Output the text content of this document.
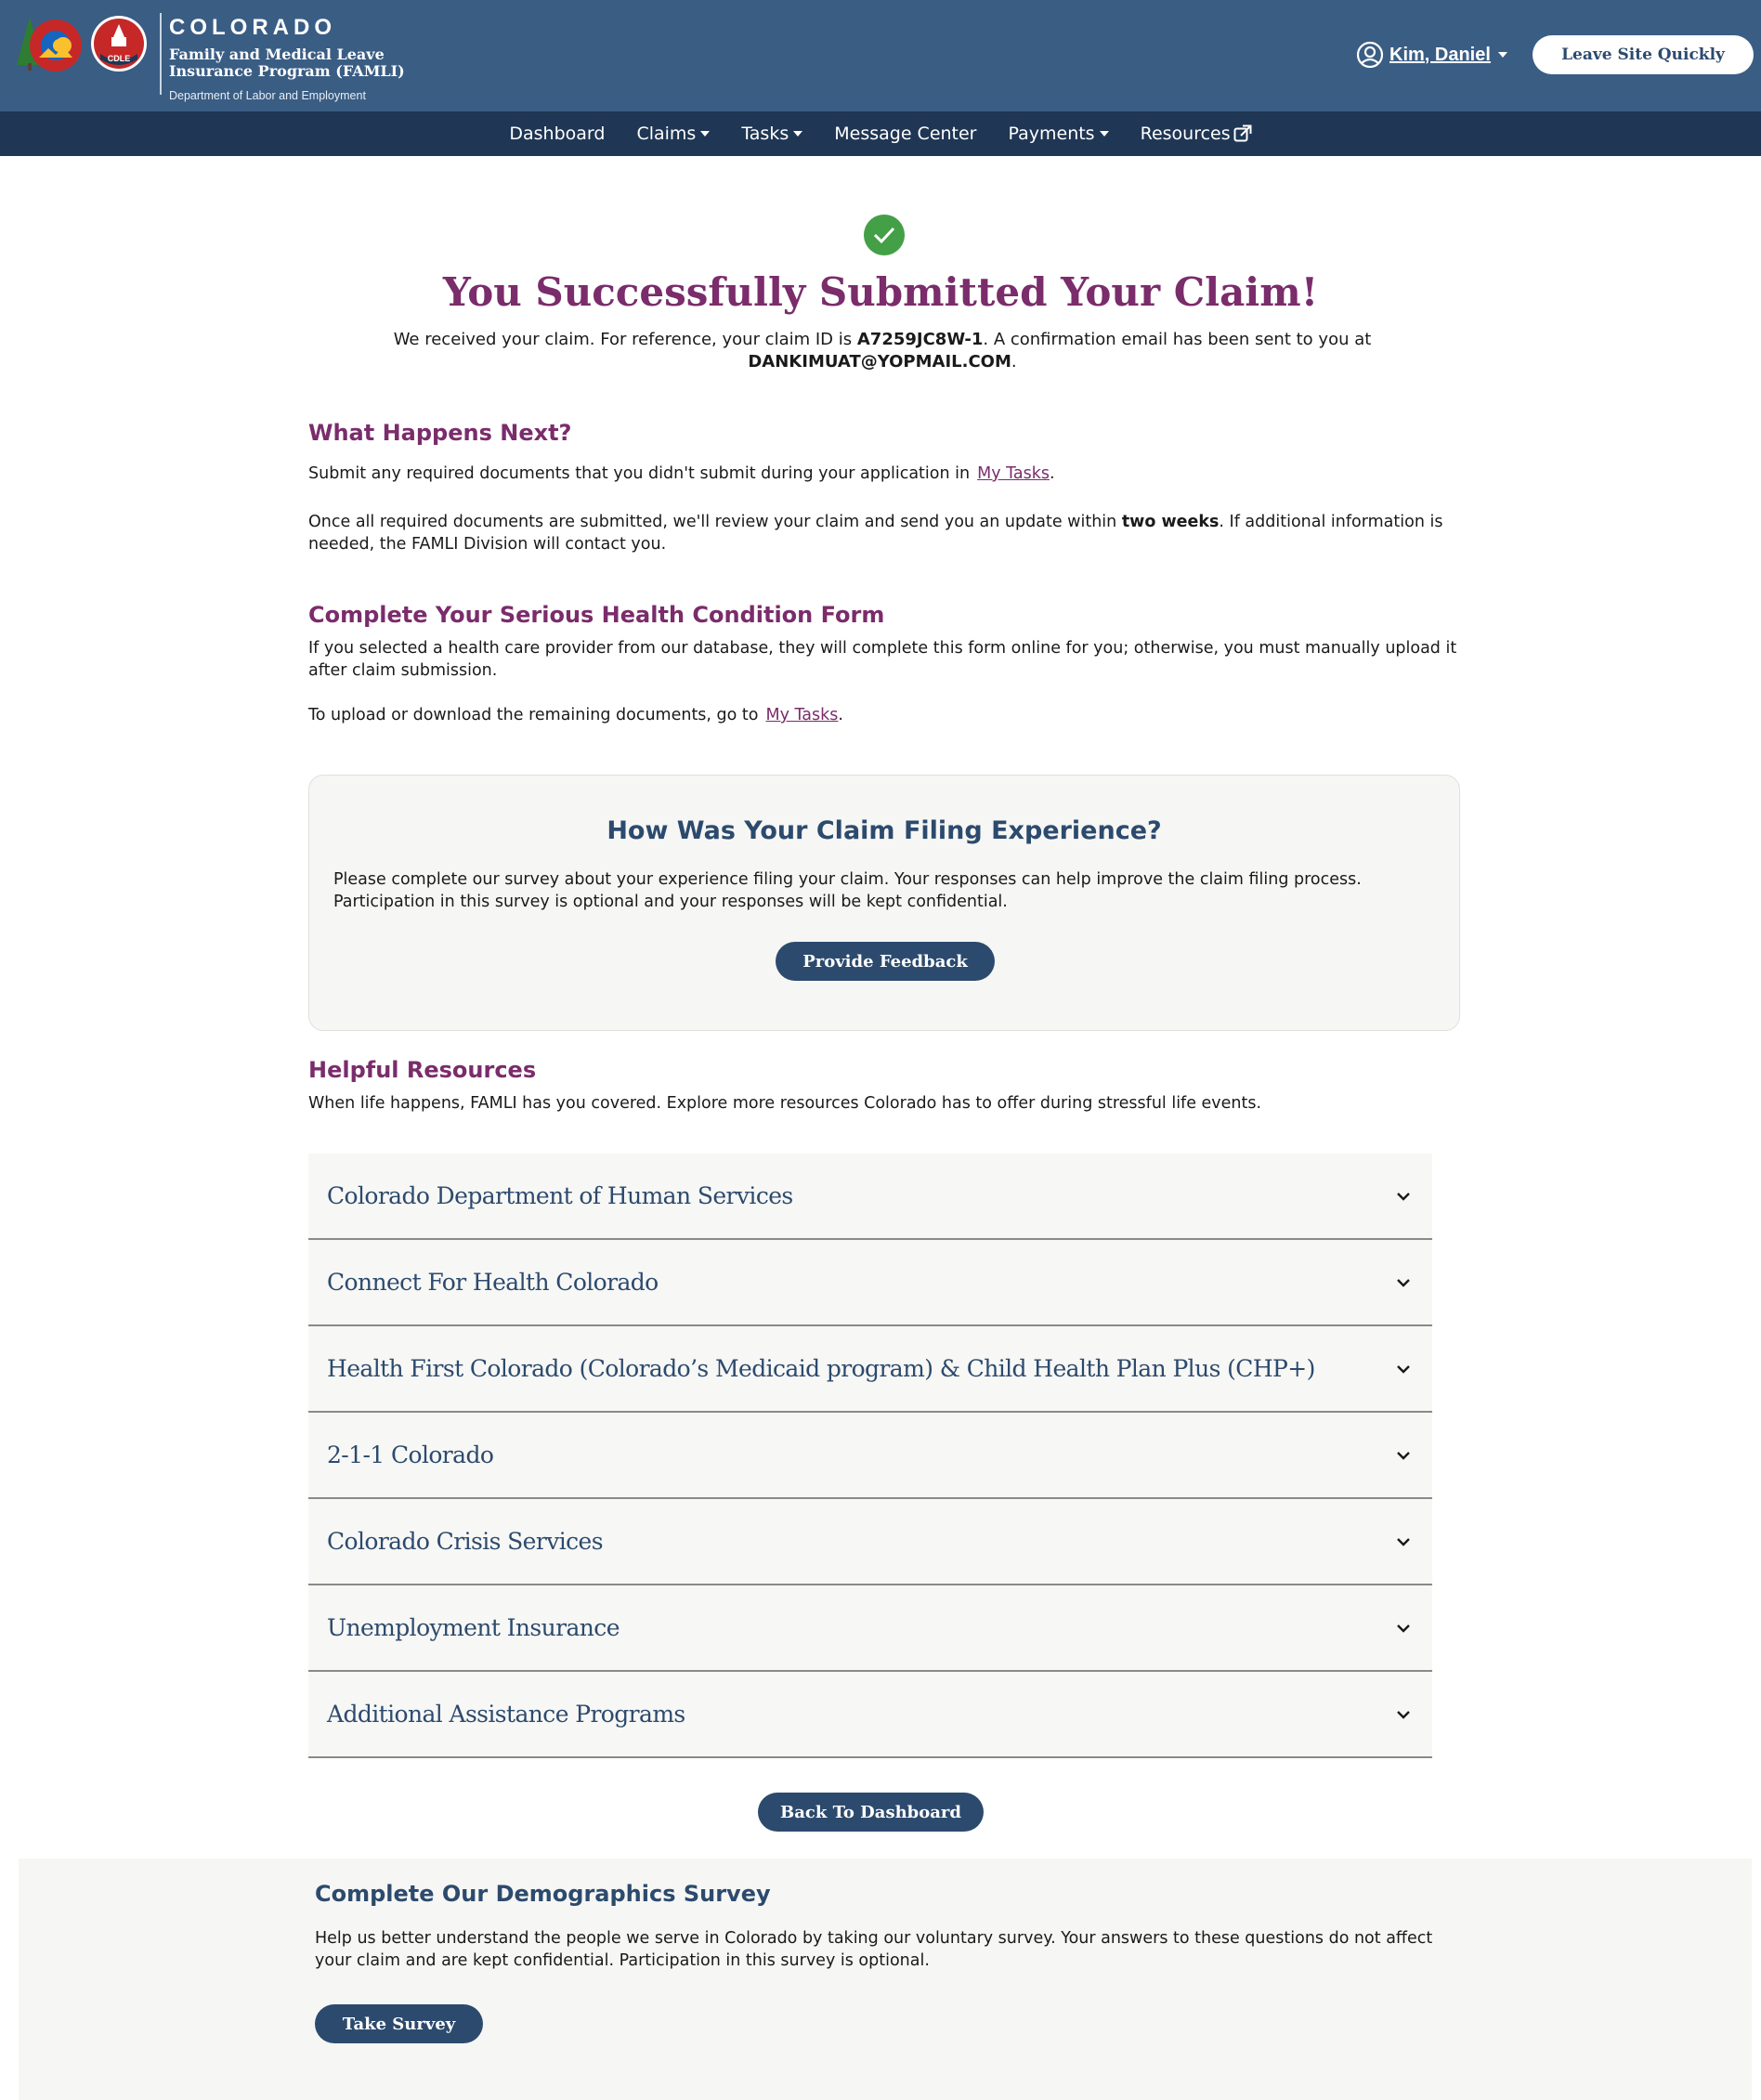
CDLE
COLORADO
Family and Medical Leave
Insurance Program (FAMLI)
Department of Labor and Employment
Kim, Daniel	Leave Site Quickly
Dashboard Claims	Tasks	Message Center Payments	Resources
You Successfully Submitted Your Claim!
We received your claim. For reference, your claim ID is A7259JC8W-1. A confirmation email has been sent to you at
DANKIMUAT@YOPMAIL.COM.
What Happens Next?
Submit any required documents that you didn't submit during your application in My Tasks.
Once all required documents are submitted, we'll review your claim and send you an update within two weeks. If additional information is needed, the FAMLI Division will contact you.
Complete Your Serious Health Condition Form
If you selected a health care provider from our database, they will complete this form online for you; otherwise, you must manually upload it after claim submission.
To upload or download the remaining documents, go to My Tasks.
How Was Your Claim Filing Experience?
Please complete our survey about your experience filing your claim. Your responses can help improve the claim filing process. Participation in this survey is optional and your responses will be kept confidential.
Provide Feedback
Helpful Resources
When life happens, FAMLI has you covered. Explore more resources Colorado has to offer during stressful life events.
Colorado Department of Human Services
Connect For Health Colorado
Health First Colorado (Colorado’s Medicaid program) & Child Health Plan Plus (CHP+)
2-1-1 Colorado
Colorado Crisis Services
Unemployment Insurance
Additional Assistance Programs
Back To Dashboard
Complete Our Demographics Survey
Help us better understand the people we serve in Colorado by taking our voluntary survey. Your answers to these questions do not affect your claim and are kept confidential. Participation in this survey is optional.
Take Survey
